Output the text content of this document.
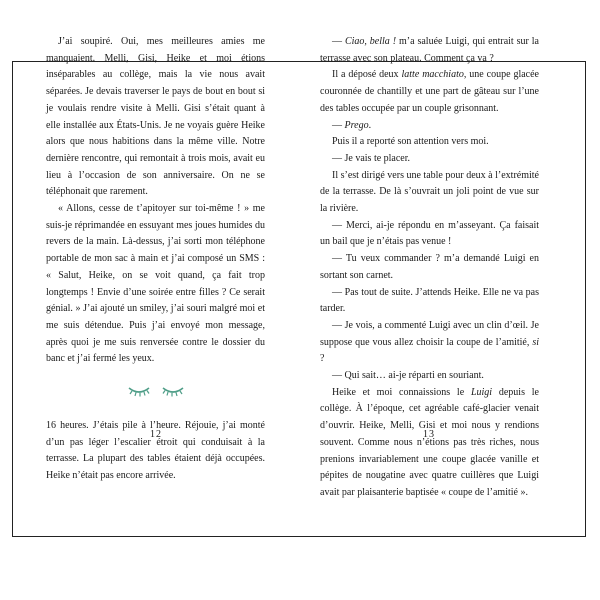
J’ai soupiré. Oui, mes meilleures amies me manquaient. Melli, Gisi, Heike et moi étions inséparables au collège, mais la vie nous avait séparées. Je devais traverser le pays de bout en bout si je voulais rendre visite à Melli. Gisi s’était quant à elle installée aux États-Unis. Je ne voyais guère Heike alors que nous habitions dans la même ville. Notre dernière rencontre, qui remontait à trois mois, avait eu lieu à l’occasion de son anniversaire. On ne se téléphonait que rarement.

« Allons, cesse de t’apitoyer sur toi-même ! » me suis-je réprimandée en essuyant mes joues humides du revers de la main. Là-dessus, j’ai sorti mon téléphone portable de mon sac à main et j’ai composé un SMS : « Salut, Heike, on se voit quand, ça fait trop longtemps ! Envie d’une soirée entre filles ? Ce serait génial. » J’ai ajouté un smiley, j’ai souri malgré moi et me suis détendue. Puis j’ai envoyé mon message, après quoi je me suis renversée contre le dossier du banc et j’ai fermé les yeux.

16 heures. J’étais pile à l’heure. Réjouie, j’ai monté d’un pas léger l’escalier étroit qui conduisait à la terrasse. La plupart des tables étaient déjà occupées. Heike n’était pas encore arrivée.

12

— Ciao, bella ! m’a saluée Luigi, qui entrait sur la terrasse avec son plateau. Comment ça va ?

Il a déposé deux latte macchiato, une coupe glacée couronnée de chantilly et une part de gâteau sur l’une des tables occupée par un couple grisonnant.

— Prego.

Puis il a reporté son attention vers moi.

— Je vais te placer.

Il s’est dirigé vers une table pour deux à l’extrémité de la terrasse. De là s’ouvrait un joli point de vue sur la rivière.

— Merci, ai-je répondu en m’asseyant. Ça faisait un bail que je n’étais pas venue !

— Tu veux commander ? m’a demandé Luigi en sortant son carnet.

— Pas tout de suite. J’attends Heike. Elle ne va pas tarder.

— Je vois, a commenté Luigi avec un clin d’œil. Je suppose que vous allez choisir la coupe de l’amitié, si ?

— Qui sait… ai-je réparti en souriant.

Heike et moi connaissions le Luigi depuis le collège. À l’époque, cet agréable café-glacier venait d’ouvrir. Heike, Melli, Gisi et moi nous y rendions souvent. Comme nous n’étions pas très riches, nous prenions invariablement une coupe glacée vanille et pépites de nougatine avec quatre cuillères que Luigi avait par plaisanterie baptisée « coupe de l’amitié ».

13
